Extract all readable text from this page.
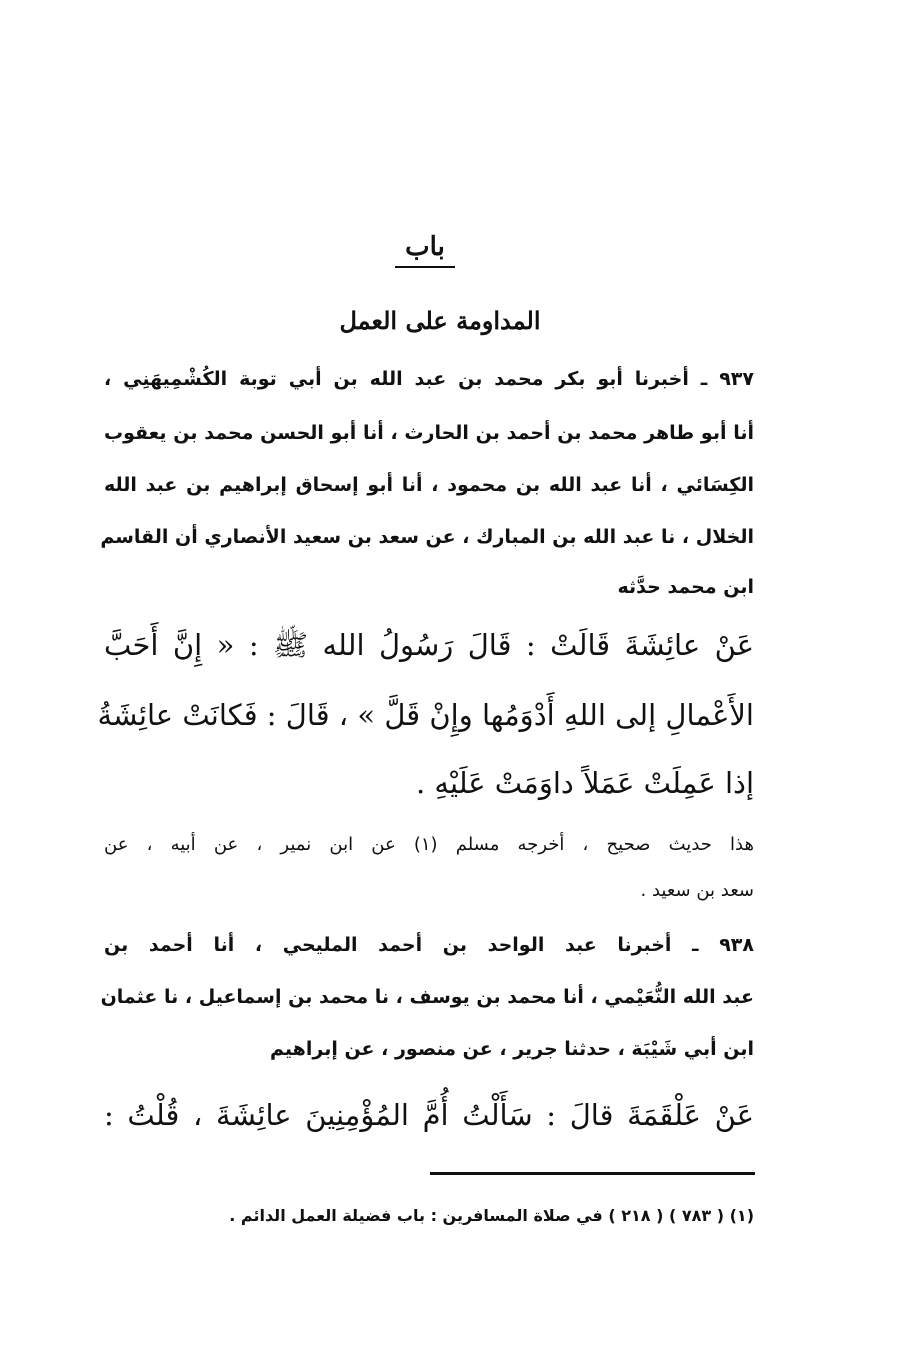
باب
المداومة على العمل
٩٣٧ ـ أخبرنا أبو بكر محمد بن عبد الله بن أبي توبة الكُشْمِيهَنِي ،
أنا أبو طاهر محمد بن أحمد بن الحارث ، أنا أبو الحسن محمد بن يعقوب
الكِسَائي ، أنا عبد الله بن محمود ، أنا أبو إسحاق إبراهيم بن عبد الله
الخلال ، نا عبد الله بن المبارك ، عن سعد بن سعيد الأنصاري أن القاسم
ابن محمد حدَّثه
عَنْ عائِشَةَ قَالَتْ : قَالَ رَسُولُ الله ﷺ : « إِنَّ أَحَبَّ
الأَعْمالِ إلى اللهِ أَدْوَمُها وإِنْ قَلَّ » ، قَالَ : فَكانَتْ عائِشَةُ
إذا عَمِلَتْ عَمَلاً داوَمَتْ عَلَيْهِ .
هذا حديث صحيح ، أخرجه مسلم (١) عن ابن نمير ، عن أبيه ، عن
سعد بن سعيد .
٩٣٨ ـ أخبرنا عبد الواحد بن أحمد المليحي ، أنا أحمد بن
عبد الله النُّعَيْمي ، أنا محمد بن يوسف ، نا محمد بن إسماعيل ، نا عثمان
ابن أبي شَيْبَة ، حدثنا جرير ، عن منصور ، عن إبراهيم
عَنْ عَلْقَمَةَ قالَ : سَأَلْتُ أُمَّ المُؤْمِنِينَ عائِشَةَ ، قُلْتُ :
(١) ( ٧٨٣ ) ( ٢١٨ ) في صلاة المسافرين : باب فضيلة العمل الدائم .
